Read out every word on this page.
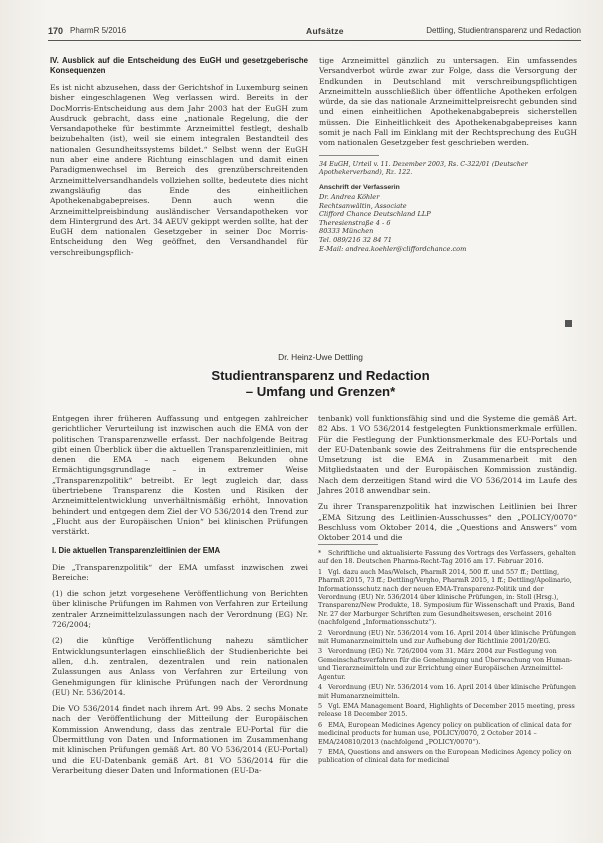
170 PharmR 5/2016	Aufsätze	Dettling, Studientransparenz und Redaction
IV. Ausblick auf die Entscheidung des EuGH und gesetzgeberische Konsequenzen

Es ist nicht abzusehen, dass der Gerichtshof in Luxemburg seinen bisher eingeschlagenen Weg verlassen wird. Bereits in der DocMorris-Entscheidung aus dem Jahr 2003 hat der EuGH zum Ausdruck gebracht, dass eine „nationale Regelung, die der Versandapotheke für bestimmte Arzneimittel festlegt, deshalb beizubehalten (ist), weil sie einem integralen Bestandteil des nationalen Gesundheitssystems bildet.“ Selbst wenn der EuGH nun aber eine andere Richtung einschlagen und damit einen Paradigmenwechsel im Bereich des grenzüberschreitenden Arzneimittelversandhandels vollziehen sollte, bedeutete dies nicht zwangsläufig das Ende des einheitlichen Apothekenabgabepreises. Denn auch wenn die Arzneimittelpreisbindung ausländischer Versandapotheken vor dem Hintergrund des Art. 34 AEUV gekippt werden sollte, hat der EuGH dem nationalen Gesetzgeber in seiner Doc Morris-Entscheidung den Weg geöffnet, den Versandhandel für verschreibungspflich-

tige Arzneimittel gänzlich zu untersagen. Ein umfassendes Versandverbot würde zwar zur Folge, dass die Versorgung der Endkunden in Deutschland mit verschreibungspflichtigen Arzneimitteln ausschließlich über öffentliche Apotheken erfolgen würde, da sie das nationale Arzneimittelpreisrecht gebunden sind und einen einheitlichen Apothekenabgabepreis sicherstellen müssen. Die Einheitlichkeit des Apothekenabgabepreises kann somit je nach Fall im Einklang mit der Rechtsprechung des EuGH vom nationalen Gesetzgeber fest geschrieben werden.

34 EuGH, Urteil v. 11. Dezember 2003, Rs. C-322/01 (Deutscher Apothekerverband), Rz. 122.
Anschrift der Verfasserin
Dr. Andrea Köhler
Rechtsanwältin, Associate
Clifford Chance Deutschland LLP
Theresienstraße 4 - 6
80333 München
Tel. 089/216 32 84 71
E-Mail: andrea.koehler@cliffordchance.com
Dr. Heinz-Uwe Dettling
Studientransparenz und Redaction
– Umfang und Grenzen*

Entgegen ihrer früheren Auffassung und entgegen zahlreicher gerichtlicher Verurteilung ist inzwischen auch die EMA von der politischen Transparenzwelle erfasst. Der nachfolgende Beitrag gibt einen Überblick über die aktuellen Transparenzleitlinien, mit denen die EMA – nach eigenem Bekunden ohne Ermächtigungsgrundlage – in extremer Weise „Transparenzpolitik“ betreibt. Er legt zugleich dar, dass übertriebene Transparenz die Kosten und Risiken der Arzneimittelentwicklung unverhältnismäßig erhöht, Innovation behindert und entgegen dem Ziel der VO 536/2014 den Trend zur „Flucht aus der Europäischen Union“ bei klinischen Prüfungen verstärkt.

I. Die aktuellen Transparenzleitlinien der EMA

Die „Transparenzpolitik“ der EMA umfasst inzwischen zwei Bereiche:

(1) die schon jetzt vorgesehene Veröffentlichung von Berichten über klinische Prüfungen im Rahmen von Verfahren zur Erteilung zentraler Arzneimittelzulassungen nach der Verordnung (EG) Nr. 726/2004;

(2) die künftige Veröffentlichung nahezu sämtlicher Entwicklungsunterlagen einschließlich der Studienberichte bei allen, d.h. zentralen, dezentralen und rein nationalen Zulassungen aus Anlass von Verfahren zur Erteilung von Genehmigungen für klinische Prüfungen nach der Verordnung (EU) Nr. 536/2014.

Die VO 536/2014 findet nach ihrem Art. 99 Abs. 2 sechs Monate nach der Veröffentlichung der Mitteilung der Europäischen Kommission Anwendung, dass das zentrale EU-Portal für die Übermittlung von Daten und Informationen im Zusammenhang mit klinischen Prüfungen gemäß Art. 80 VO 536/2014 (EU-Portal) und die EU-Datenbank gemäß Art. 81 VO 536/2014 für die Verarbeitung dieser Daten und Informationen (EU-Da-

tenbank) voll funktionsfähig sind und die Systeme die gemäß Art. 82 Abs. 1 VO 536/2014 festgelegten Funktionsmerkmale erfüllen. Für die Festlegung der Funktionsmerkmale des EU-Portals und der EU-Datenbank sowie des Zeitrahmens für die entsprechende Umsetzung ist die EMA in Zusammenarbeit mit den Mitgliedstaaten und der Europäischen Kommission zuständig. Nach dem derzeitigen Stand wird die VO 536/2014 im Laufe des Jahres 2018 anwendbar sein.

Zu ihrer Transparenzpolitik hat inzwischen Leitlinien bei Ihrer „EMA Sitzung des Leitlinien-Ausschusses“ den „POLICY/0070“ Beschluss vom Oktober 2014, die „Questions and Answers“ vom Oktober 2014 und die

* Schriftliche und aktualisierte Fassung des Vortrags des Verfassers, gehalten auf den 18. Deutschen Pharma-Recht-Tag 2016 am 17. Februar 2016.
1 Vgl. dazu auch Mas/Welsch, PharmR 2014, 500 ff. und 557 ff.; Dettling, PharmR 2015, 73 ff.; Dettling/Vergho, PharmR 2015, 1 ff.; Dettling/Apolinario, Informationsschutz nach der neuen EMA-Transparenz-Politik und der Verordnung (EU) Nr. 536/2014 über klinische Prüfungen, in: Stoll (Hrsg.), Transparenz/New Produkte, 18. Symposium für Wissenschaft und Praxis, Band Nr. 27 der Marburger Schriften zum Gesundheitswesen, erscheint 2016 (nachfolgend „Informationsschutz“).
2 Verordnung (EU) Nr. 536/2014 vom 16. April 2014 über klinische Prüfungen mit Humanarzneimitteln und zur Aufhebung der Richtlinie 2001/20/EG.
3 Verordnung (EG) Nr. 726/2004 vom 31. März 2004 zur Festlegung von Gemeinschaftsverfahren für die Genehmigung und Überwachung von Human- und Tierarzneimitteln und zur Errichtung einer Europäischen Arzneimittel-Agentur.
4 Verordnung (EU) Nr. 536/2014 vom 16. April 2014 über klinische Prüfungen mit Humanarzneimitteln.
5 Vgl. EMA Management Board, Highlights of December 2015 meeting, press release 18 December 2015.
6 EMA, European Medicines Agency policy on publication of clinical data for medicinal products for human use, POLICY/0070, 2 October 2014 – EMA/240810/2013 (nachfolgend „POLICY/0070“).
7 EMA, Questions and answers on the European Medicines Agency policy on publication of clinical data for medicinal
